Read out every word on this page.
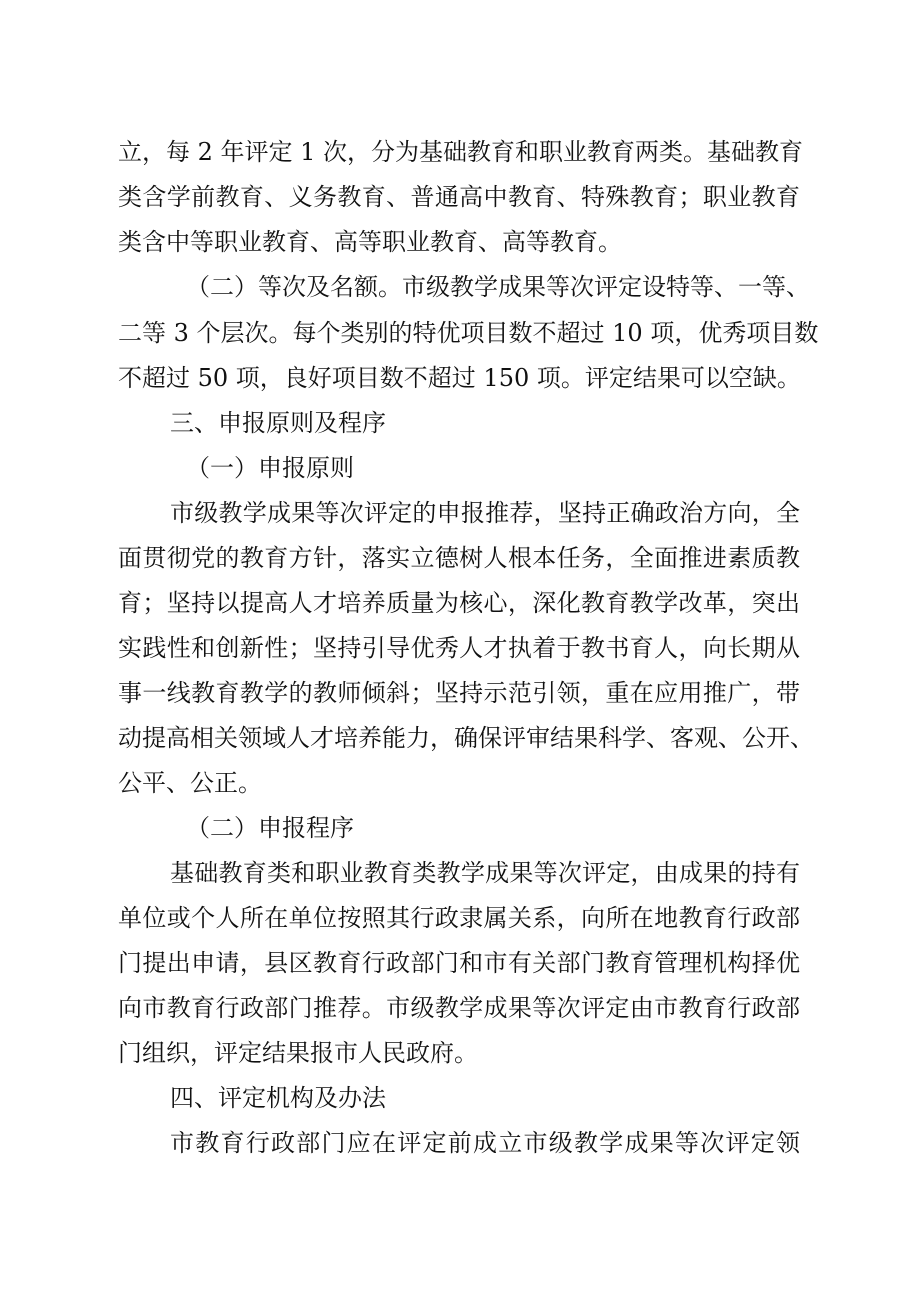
立，每 2 年评定 1 次，分为基础教育和职业教育两类。基础教育
类含学前教育、义务教育、普通高中教育、特殊教育；职业教育
类含中等职业教育、高等职业教育、高等教育。
（二）等次及名额。市级教学成果等次评定设特等、一等、
二等 3 个层次。每个类别的特优项目数不超过 10 项，优秀项目数
不超过 50 项，良好项目数不超过 150 项。评定结果可以空缺。
三、申报原则及程序
（一）申报原则
市级教学成果等次评定的申报推荐，坚持正确政治方向，全
面贯彻党的教育方针，落实立德树人根本任务，全面推进素质教
育；坚持以提高人才培养质量为核心，深化教育教学改革，突出
实践性和创新性；坚持引导优秀人才执着于教书育人，向长期从
事一线教育教学的教师倾斜；坚持示范引领，重在应用推广，带
动提高相关领域人才培养能力，确保评审结果科学、客观、公开、
公平、公正。
（二）申报程序
基础教育类和职业教育类教学成果等次评定，由成果的持有
单位或个人所在单位按照其行政隶属关系，向所在地教育行政部
门提出申请，县区教育行政部门和市有关部门教育管理机构择优
向市教育行政部门推荐。市级教学成果等次评定由市教育行政部
门组织，评定结果报市人民政府。
四、评定机构及办法
市教育行政部门应在评定前成立市级教学成果等次评定领
